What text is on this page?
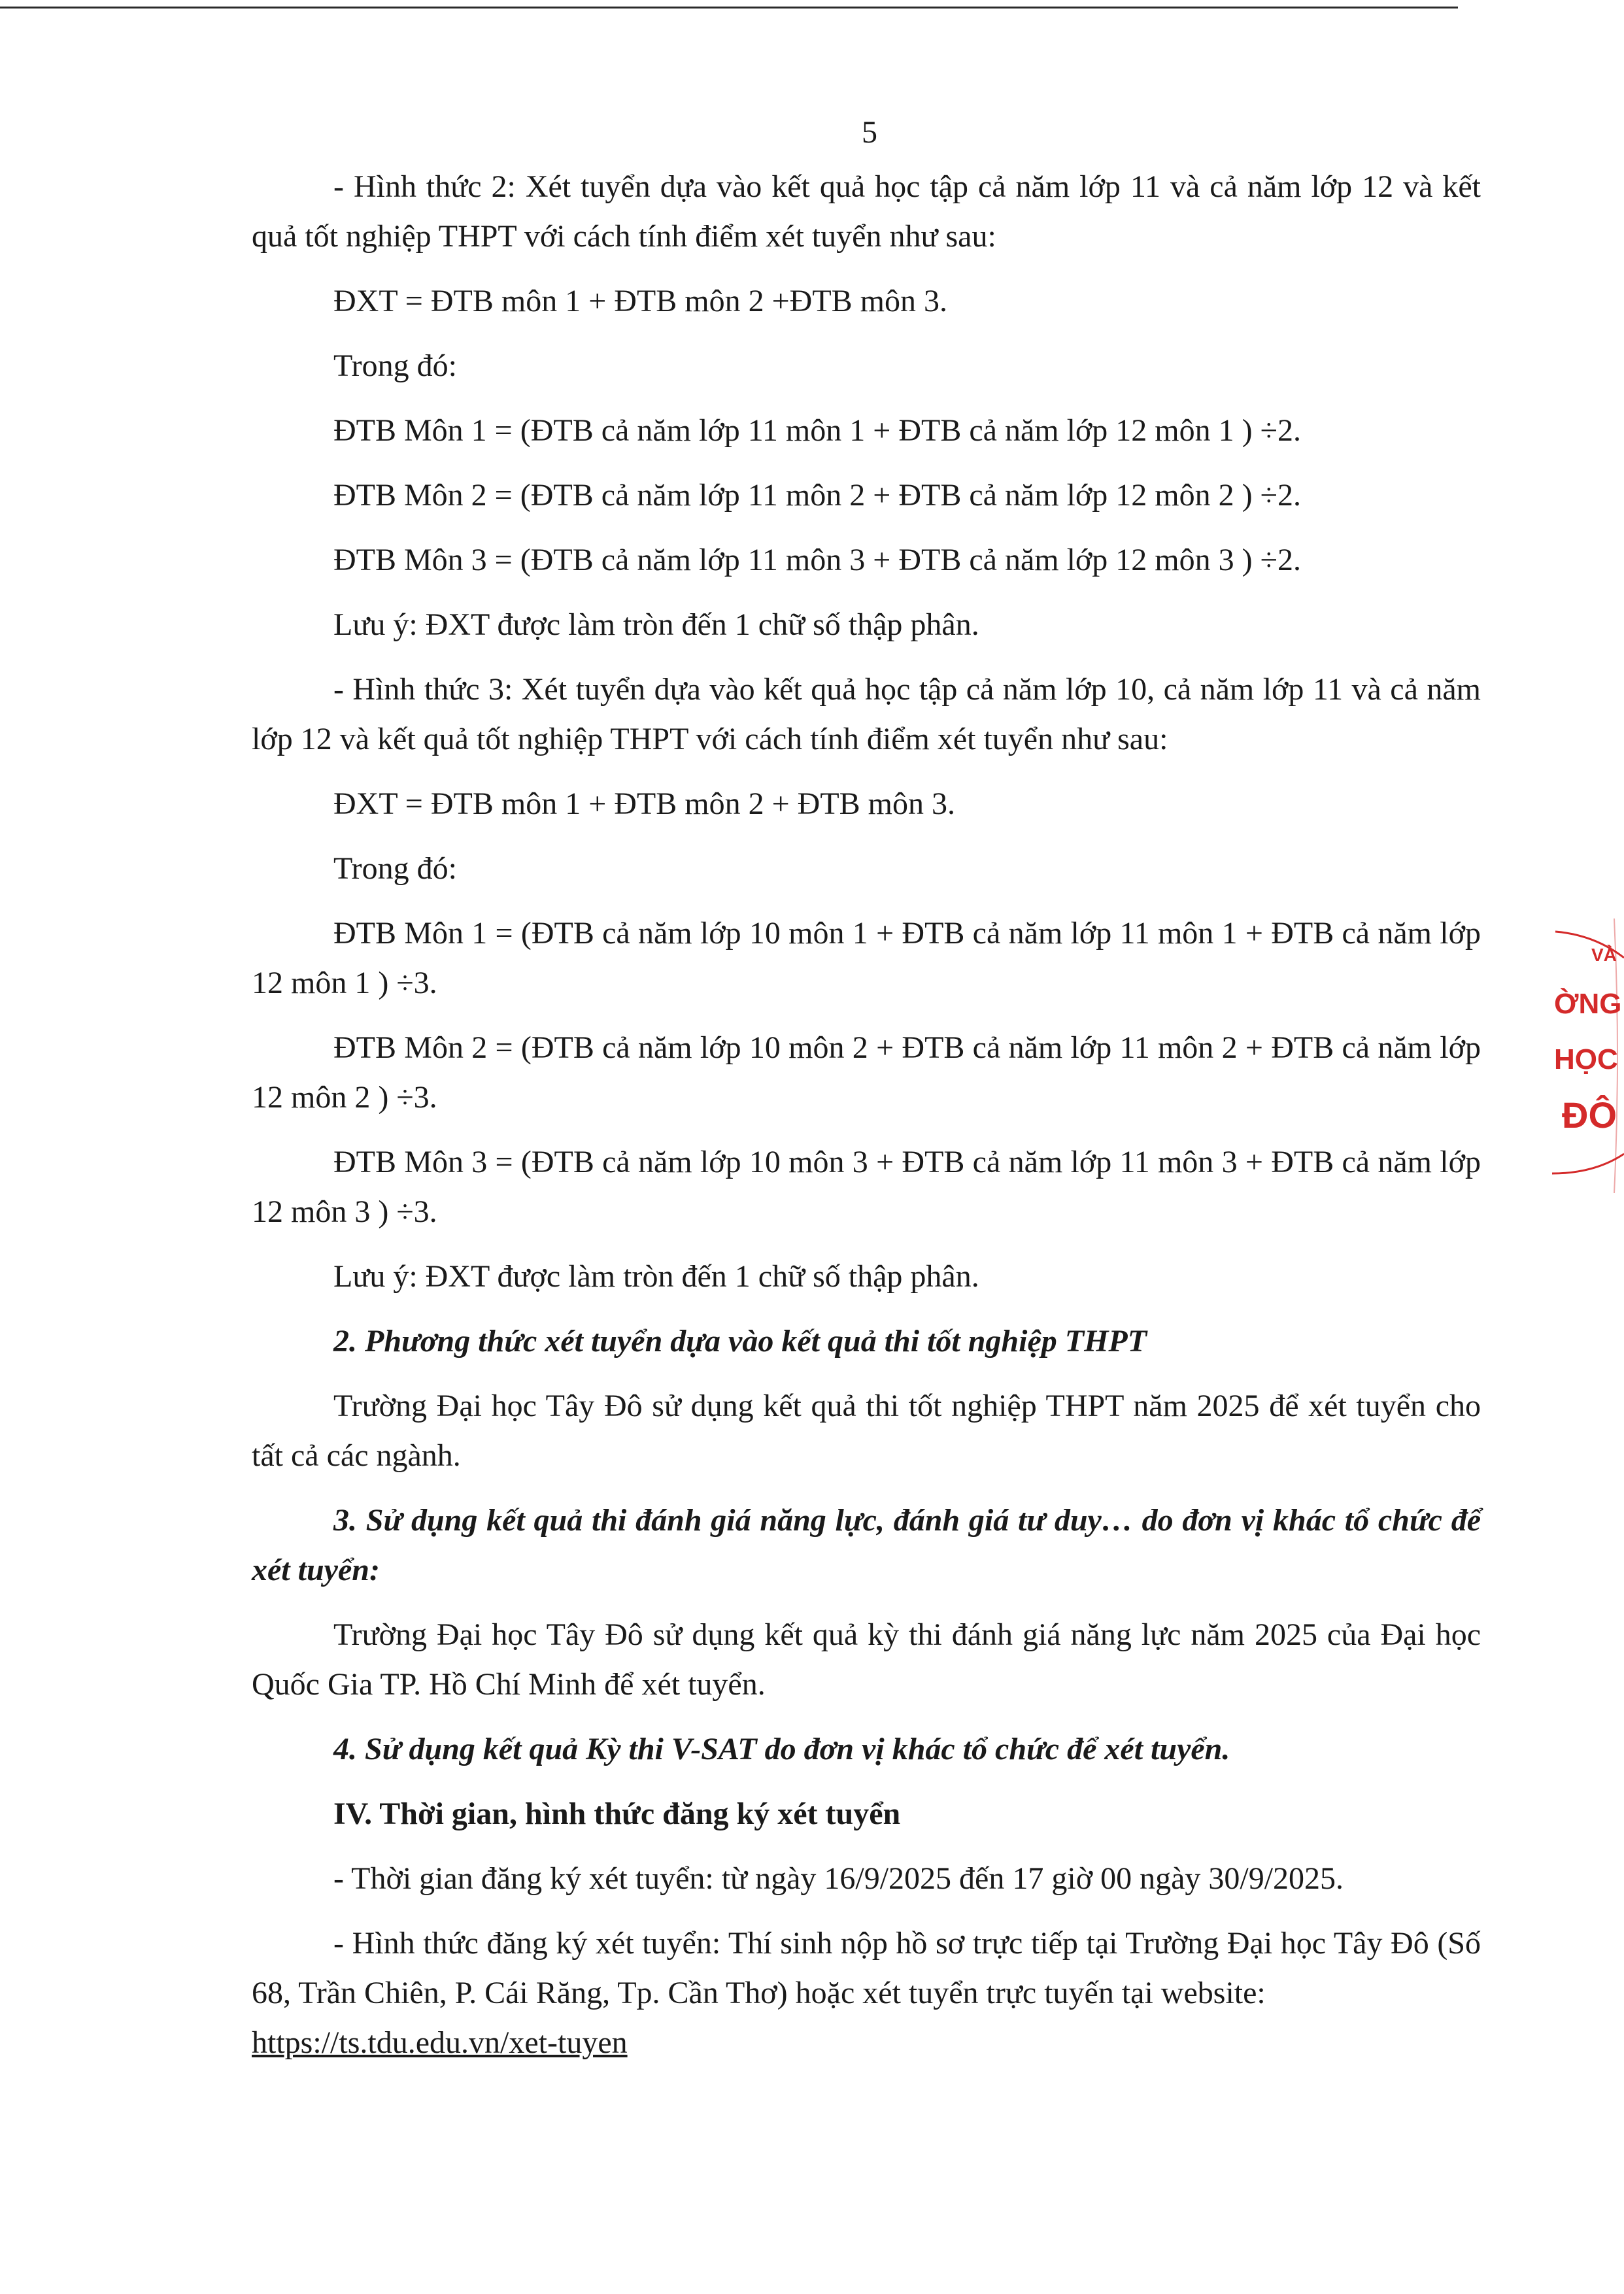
5

- Hình thức 2: Xét tuyển dựa vào kết quả học tập cả năm lớp 11 và cả năm lớp 12 và kết quả tốt nghiệp THPT với cách tính điểm xét tuyển như sau:

ĐXT = ĐTB môn 1 + ĐTB môn 2 +ĐTB môn 3.

Trong đó:

ĐTB Môn 1 = (ĐTB cả năm lớp 11 môn 1 + ĐTB cả năm lớp 12 môn 1 ) ÷2.

ĐTB Môn 2 = (ĐTB cả năm lớp 11 môn 2 + ĐTB cả năm lớp 12 môn 2 ) ÷2.

ĐTB Môn 3 = (ĐTB cả năm lớp 11 môn 3 + ĐTB cả năm lớp 12 môn 3 ) ÷2.

Lưu ý: ĐXT được làm tròn đến 1 chữ số thập phân.

- Hình thức 3: Xét tuyển dựa vào kết quả học tập cả năm lớp 10, cả năm lớp 11 và cả năm lớp 12 và kết quả tốt nghiệp THPT với cách tính điểm xét tuyển như sau:

ĐXT = ĐTB môn 1 + ĐTB môn 2 + ĐTB môn 3.

Trong đó:

ĐTB Môn 1 = (ĐTB cả năm lớp 10 môn 1 + ĐTB cả năm lớp 11 môn 1 + ĐTB cả năm lớp 12 môn 1 ) ÷3.

ĐTB Môn 2 = (ĐTB cả năm lớp 10 môn 2 + ĐTB cả năm lớp 11 môn 2 + ĐTB cả năm lớp 12 môn 2 ) ÷3.

ĐTB Môn 3 = (ĐTB cả năm lớp 10 môn 3 + ĐTB cả năm lớp 11 môn 3 + ĐTB cả năm lớp 12 môn 3 ) ÷3.

Lưu ý: ĐXT được làm tròn đến 1 chữ số thập phân.

2. Phương thức xét tuyển dựa vào kết quả thi tốt nghiệp THPT

Trường Đại học Tây Đô sử dụng kết quả thi tốt nghiệp THPT năm 2025 để xét tuyển cho tất cả các ngành.

3. Sử dụng kết quả thi đánh giá năng lực, đánh giá tư duy… do đơn vị khác tổ chức để xét tuyển:

Trường Đại học Tây Đô sử dụng kết quả kỳ thi đánh giá năng lực năm 2025 của Đại học Quốc Gia TP. Hồ Chí Minh để xét tuyển.

4. Sử dụng kết quả Kỳ thi V-SAT do đơn vị khác tổ chức để xét tuyển.

IV. Thời gian, hình thức đăng ký xét tuyển

- Thời gian đăng ký xét tuyển: từ ngày 16/9/2025 đến 17 giờ 00 ngày 30/9/2025.

- Hình thức đăng ký xét tuyển: Thí sinh nộp hồ sơ trực tiếp tại Trường Đại học Tây Đô (Số 68, Trần Chiên, P. Cái Răng, Tp. Cần Thơ) hoặc xét tuyển trực tuyến tại website:

https://ts.tdu.edu.vn/xet-tuyen

VÀ
ỜNG
HỌC
ĐÔ
